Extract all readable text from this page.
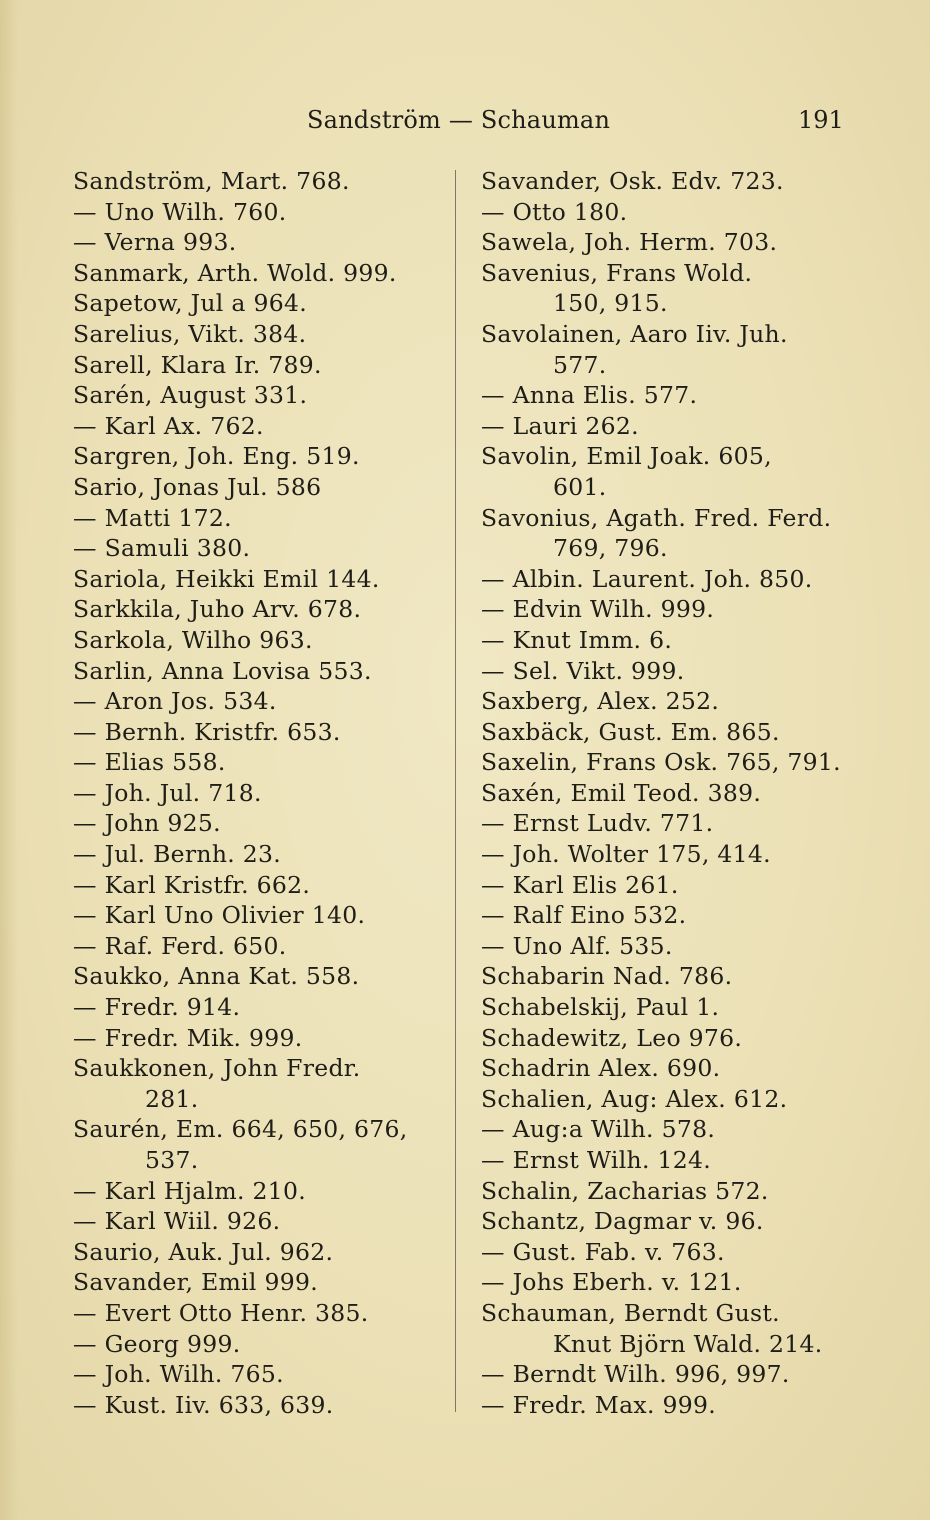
Sandström — Schauman	191
Sandström, Mart. 768.
— Uno Wilh. 760.
— Verna 993.
Sanmark, Arth. Wold. 999.
Sapetow, Jul a 964.
Sarelius, Vikt. 384.
Sarell, Klara Ir. 789.
Sarén, August 331.
— Karl Ax. 762.
Sargren, Joh. Eng. 519.
Sario, Jonas Jul. 586
— Matti 172.
— Samuli 380.
Sariola, Heikki Emil 144.
Sarkkila, Juho Arv. 678.
Sarkola, Wilho 963.
Sarlin, Anna Lovisa 553.
— Aron Jos. 534.
— Bernh. Kristfr. 653.
— Elias 558.
— Joh. Jul. 718.
— John 925.
— Jul. Bernh. 23.
— Karl Kristfr. 662.
— Karl Uno Olivier 140.
— Raf. Ferd. 650.
Saukko, Anna Kat. 558.
— Fredr. 914.
— Fredr. Mik. 999.
Saukkonen, John Fredr.
281.
Saurén, Em. 664, 650, 676,
537.
— Karl Hjalm. 210.
— Karl Wiil. 926.
Saurio, Auk. Jul. 962.
Savander, Emil 999.
— Evert Otto Henr. 385.
— Georg 999.
— Joh. Wilh. 765.
— Kust. Iiv. 633, 639.
Savander, Osk. Edv. 723.
— Otto 180.
Sawela, Joh. Herm. 703.
Savenius, Frans Wold.
150, 915.
Savolainen, Aaro Iiv. Juh.
577.
— Anna Elis. 577.
— Lauri 262.
Savolin, Emil Joak. 605,
601.
Savonius, Agath. Fred. Ferd.
769, 796.
— Albin. Laurent. Joh. 850.
— Edvin Wilh. 999.
— Knut Imm. 6.
— Sel. Vikt. 999.
Saxberg, Alex. 252.
Saxbäck, Gust. Em. 865.
Saxelin, Frans Osk. 765, 791.
Saxén, Emil Teod. 389.
— Ernst Ludv. 771.
— Joh. Wolter 175, 414.
— Karl Elis 261.
— Ralf Eino 532.
— Uno Alf. 535.
Schabarin Nad. 786.
Schabelskij, Paul 1.
Schadewitz, Leo 976.
Schadrin Alex. 690.
Schalien, Aug: Alex. 612.
— Aug:a Wilh. 578.
— Ernst Wilh. 124.
Schalin, Zacharias 572.
Schantz, Dagmar v. 96.
— Gust. Fab. v. 763.
— Johs Eberh. v. 121.
Schauman, Berndt Gust.
Knut Björn Wald. 214.
— Berndt Wilh. 996, 997.
— Fredr. Max. 999.
